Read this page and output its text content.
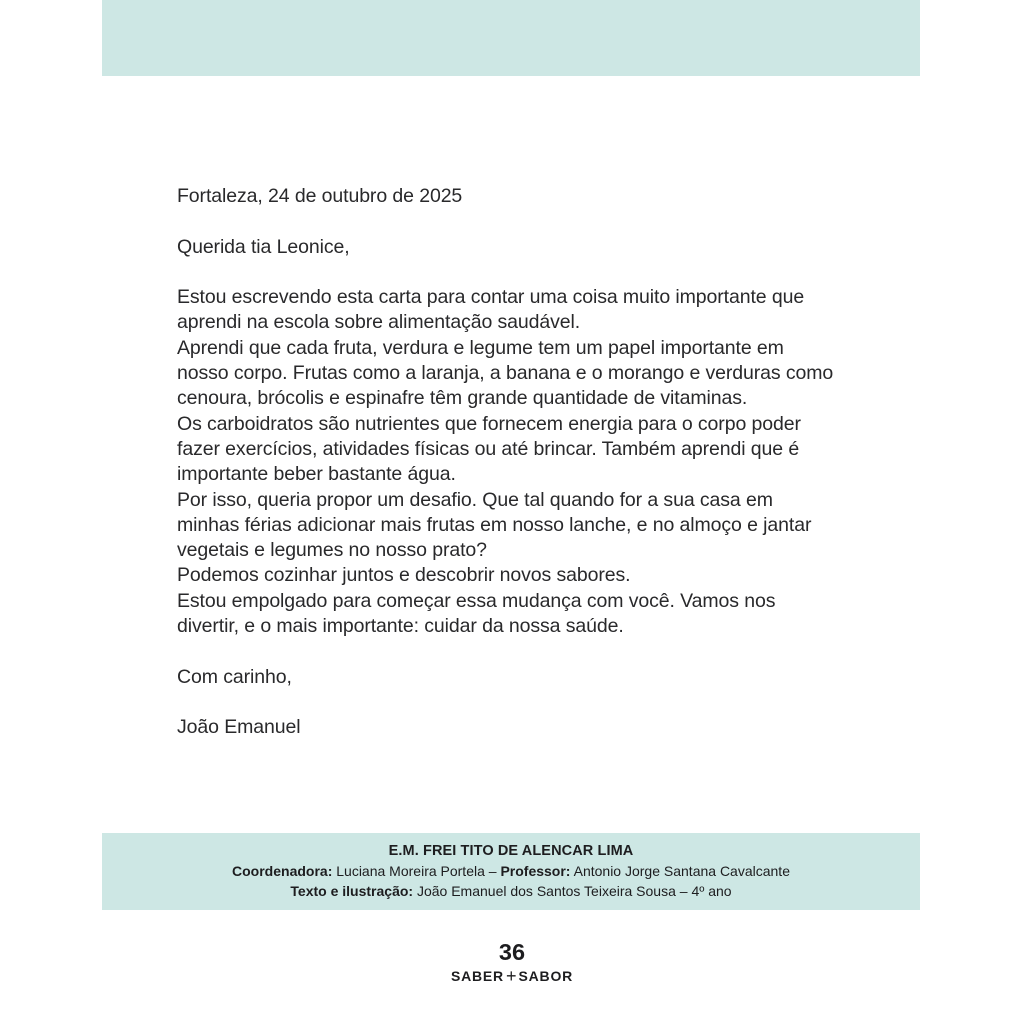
Fortaleza, 24 de outubro de 2025

Querida tia Leonice,

Estou escrevendo esta carta para contar uma coisa muito importante que
aprendi na escola sobre alimentação saudável.
Aprendi que cada fruta, verdura e legume tem um papel importante em
nosso corpo. Frutas como a laranja, a banana e o morango e verduras como
cenoura, brócolis e espinafre têm grande quantidade de vitaminas.
Os carboidratos são nutrientes que fornecem energia para o corpo poder
fazer exercícios, atividades físicas ou até brincar. Também aprendi que é
importante beber bastante água.
Por isso, queria propor um desafio. Que tal quando for a sua casa em
minhas férias adicionar mais frutas em nosso lanche, e no almoço e jantar
vegetais e legumes no nosso prato?
Podemos cozinhar juntos e descobrir novos sabores.
Estou empolgado para começar essa mudança com você. Vamos nos
divertir, e o mais importante: cuidar da nossa saúde.

Com carinho,

João Emanuel

E.M. FREI TITO DE ALENCAR LIMA
Coordenadora: Luciana Moreira Portela – Professor: Antonio Jorge Santana Cavalcante
Texto e ilustração: João Emanuel dos Santos Teixeira Sousa – 4º ano
36
SABER + SABOR
